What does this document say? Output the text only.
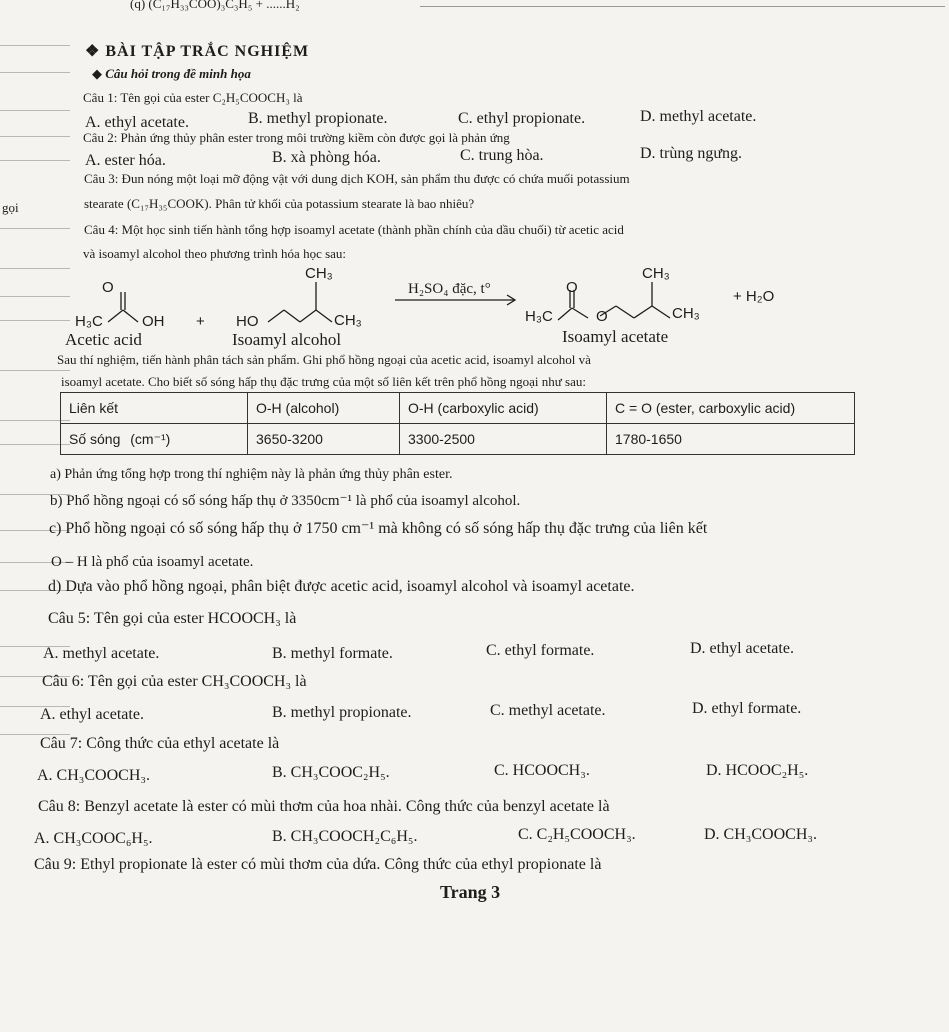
(q) (C₁₇H₃₃COO)₃C₃H₅ + ......H₂
❖ BÀI TẬP TRẮC NGHIỆM
◆ Câu hỏi trong đề minh họa
Câu 1: Tên gọi của ester C₂H₅COOCH₃ là
A. ethyl acetate.	B. methyl propionate.	C. ethyl propionate.	D. methyl acetate.
Câu 2: Phản ứng thủy phân ester trong môi trường kiềm còn được gọi là phản ứng
A. ester hóa.	B. xà phòng hóa.	C. trung hòa.	D. trùng ngưng.
gọi
Câu 3: Đun nóng một loại mỡ động vật với dung dịch KOH, sản phẩm thu được có chứa muối potassium
stearate (C₁₇H₃₅COOK). Phân tử khối của potassium stearate là bao nhiêu?
Câu 4: Một học sinh tiến hành tổng hợp isoamyl acetate (thành phần chính của dầu chuối) từ acetic acid
và isoamyl alcohol theo phương trình hóa học sau:
O
H₃C	OH + HO
CH₃
CH₃
H₂SO₄ đặc, t°	O
H₃C	O
CH₃
CH₃
+ H₂O
Acetic acid	Isoamyl alcohol	Isoamyl acetate
Sau thí nghiệm, tiến hành phân tách sản phẩm. Ghi phổ hồng ngoại của acetic acid, isoamyl alcohol và
isoamyl acetate. Cho biết số sóng hấp thụ đặc trưng của một số liên kết trên phổ hồng ngoại như sau:
Liên kết	O-H (alcohol)	O-H (carboxylic acid)	C = O (ester, carboxylic acid)
Số sóng (cm⁻¹)	3650-3200	3300-2500	1780-1650
a) Phản ứng tổng hợp trong thí nghiệm này là phản ứng thủy phân ester.
b) Phổ hồng ngoại có số sóng hấp thụ ở 3350cm⁻¹ là phổ của isoamyl alcohol.
c) Phổ hồng ngoại có số sóng hấp thụ ở 1750 cm⁻¹ mà không có số sóng hấp thụ đặc trưng của liên kết
O – H là phổ của isoamyl acetate.
d) Dựa vào phổ hồng ngoại, phân biệt được acetic acid, isoamyl alcohol và isoamyl acetate.
Câu 5: Tên gọi của ester HCOOCH₃ là
A. methyl acetate.	B. methyl formate.	C. ethyl formate.	D. ethyl acetate.
Câu 6: Tên gọi của ester CH₃COOCH₃ là
A. ethyl acetate.	B. methyl propionate.	C. methyl acetate.	D. ethyl formate.
Câu 7: Công thức của ethyl acetate là
A. CH₃COOCH₃.	B. CH₃COOC₂H₅.	C. HCOOCH₃.	D. HCOOC₂H₅.
Câu 8: Benzyl acetate là ester có mùi thơm của hoa nhài. Công thức của benzyl acetate là
A. CH₃COOC₆H₅.	B. CH₃COOCH₂C₆H₅.	C. C₂H₅COOCH₃.	D. CH₃COOCH₃.
Câu 9: Ethyl propionate là ester có mùi thơm của dứa. Công thức của ethyl propionate là
Trang 3
